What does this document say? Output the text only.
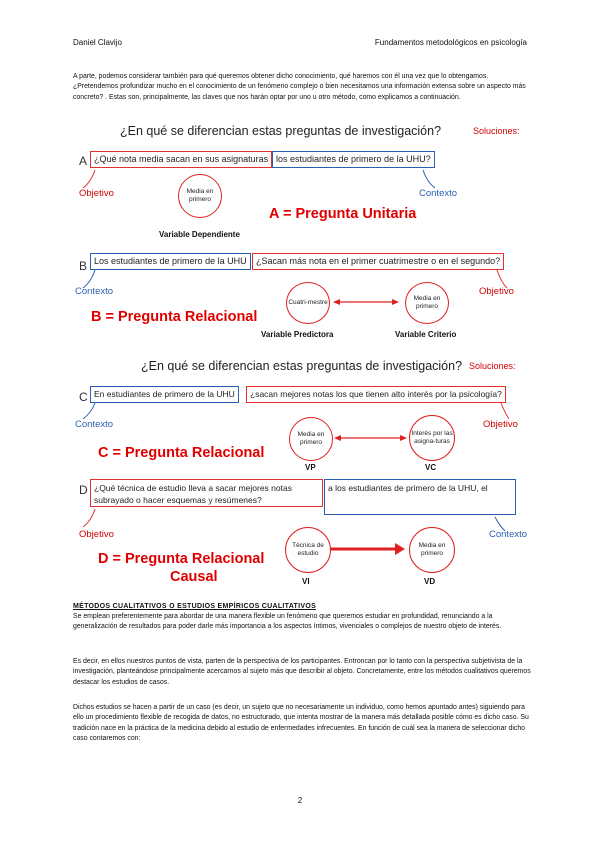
Daniel Clavijo	Fundamentos metodológicos en psicología
A parte, podemos considerar también para qué queremos obtener dicho conocimiento, qué haremos con él una vez que lo obtengamos. ¿Pretendemos profundizar mucho en el conocimiento de un fenómeno complejo o bien necesitamos una información extensa sobre un aspecto más concreto? . Estas son, principalmente, las claves que nos harán optar por uno u otro método, como explicamos a continuación.
¿En qué se diferencian estas preguntas de investigación?	Soluciones:
A ¿Qué nota media sacan en sus asignaturas los estudiantes de primero de la UHU?
Objetivo	Contexto
Media en primero
Variable Dependiente
A = Pregunta Unitaria
B Los estudiantes de primero de la UHU	¿Sacan más nota en el primer cuatrimestre o en el segundo?
Contexto	Objetivo
Cuatri-mestre
Media en primero
Variable Predictora	Variable Criterio
B = Pregunta Relacional
¿En qué se diferencian estas preguntas de investigación? Soluciones:
C En estudiantes de primero de la UHU	¿sacan mejores notas los que tienen alto interés por la psicología?
Contexto	Objetivo
Media en primero
Interés por las asigna-turas
VP	VC
C = Pregunta Relacional
D ¿Qué técnica de estudio lleva a sacar mejores notas
subrayado o hacer esquemas y resúmenes?
a los estudiantes de primero de la UHU, el
Objetivo	Contexto
Técnica de estudio
Media en primero
VI	VD
D = Pregunta Relacional
Causal
MÉTODOS CUALITATIVOS O ESTUDIOS EMPÍRICOS CUALITATIVOS
Se emplean preferentemente para abordar de una manera flexible un fenómeno que queremos estudiar en profundidad, renunciando a la generalización de resultados para poder darle más importancia a los aspectos íntimos, vivenciales o complejos de nuestro objeto de interés.
Es decir, en ellos nuestros puntos de vista, parten de la perspectiva de los participantes. Entroncan por lo tanto con la perspectiva subjetivista de la investigación, planteándose principalmente acercarnos al sujeto más que describir al objeto. Concretamente, entre los métodos cualitativos queremos destacar los estudios de casos.
Dichos estudios se hacen a partir de un caso (es decir, un sujeto que no necesariamente un individuo, como hemos apuntado antes) siguiendo para ello un procedimiento flexible de recogida de datos, no estructurado, que intenta mostrar de la manera más detallada posible cómo es dicho caso. Su tradición nace en la práctica de la medicina debido al estudio de enfermedades infrecuentes. En función de cuál sea la manera de seleccionar dicho caso contaremos con:
2
